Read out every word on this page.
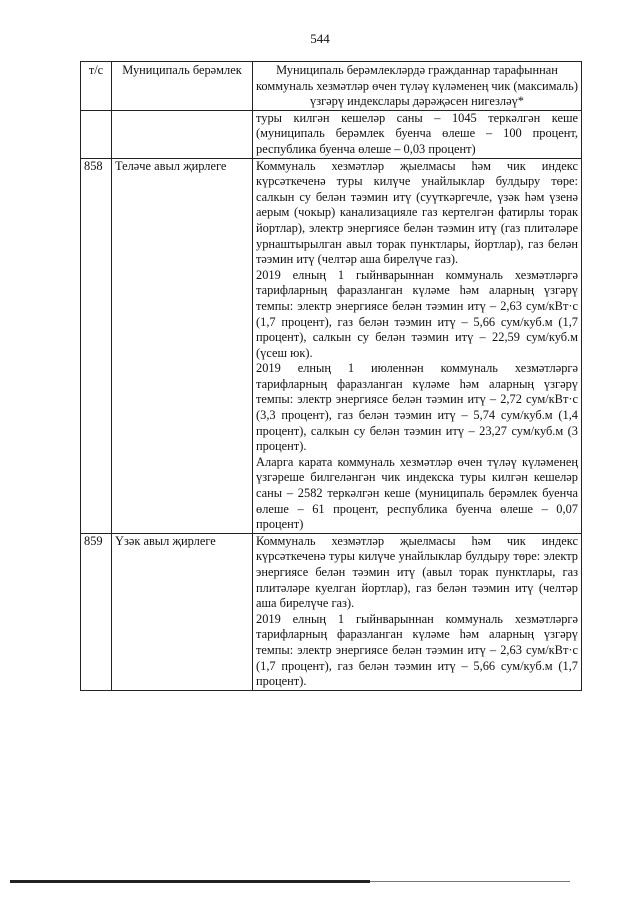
544
т/с	Муниципаль берәмлек	Муниципаль берәмлекләрдә гражданнар тарафыннан коммуналь хезмәтләр өчен түләү күләменең чик (максималь) үзгәрү индекслары дәрәҗәсен нигезләү*

		туры килгән кешеләр саны – 1045 теркәлгән кеше (муниципаль берәмлек буенча өлеше – 100 процент, республика буенча өлеше – 0,03 процент)

858	Теләче авыл җирлеге	Коммуналь хезмәтләр җыелмасы һәм чик индекс күрсәткеченә туры килүче унайлыклар булдыру төре: салкын су белән тәэмин итү (суүткәргечле, үзәк һәм үзенә аерым (чокыр) канализацияле газ кертелгән фатирлы торак йортлар), электр энергиясе белән тәэмин итү (газ плитәләре урнаштырылган авыл торак пунктлары, йортлар), газ белән тәэмин итү (челтәр аша бирелүче газ).

2019 елның 1 гыйнварыннан коммуналь хезмәтләргә тарифларның фаразланган күләме һәм аларның үзгәрү темпы: электр энергиясе белән тәэмин итү – 2,63 сум/кВт·с (1,7 процент), газ белән тәэмин итү – 5,66 сум/куб.м (1,7 процент), салкын су белән тәэмин итү – 22,59 сум/куб.м (үсеш юк).

2019 елның 1 июленнән коммуналь хезмәтләргә тарифларның фаразланган күләме һәм аларның үзгәрү темпы: электр энергиясе белән тәэмин итү – 2,72 сум/кВт·с (3,3 процент), газ белән тәэмин итү – 5,74 сум/куб.м (1,4 процент), салкын су белән тәэмин итү – 23,27 сум/куб.м (3 процент).

Аларга карата коммуналь хезмәтләр өчен түләү күләменең үзгәреше билгеләнгән чик индекска туры килгән кешеләр саны – 2582 теркәлгән кеше (муниципаль берәмлек буенча өлеше – 61 процент, республика буенча өлеше – 0,07 процент)

859	Үзәк авыл җирлеге	Коммуналь хезмәтләр җыелмасы һәм чик индекс күрсәткеченә туры килүче унайлыклар булдыру төре: электр энергиясе белән тәэмин итү (авыл торак пунктлары, газ плитәләре куелган йортлар), газ белән тәэмин итү (челтәр аша бирелүче газ).

2019 елның 1 гыйнварыннан коммуналь хезмәтләргә тарифларның фаразланган күләме һәм аларның үзгәрү темпы: электр энергиясе белән тәэмин итү – 2,63 сум/кВт·с (1,7 процент), газ белән тәэмин итү – 5,66 сум/куб.м (1,7 процент).
